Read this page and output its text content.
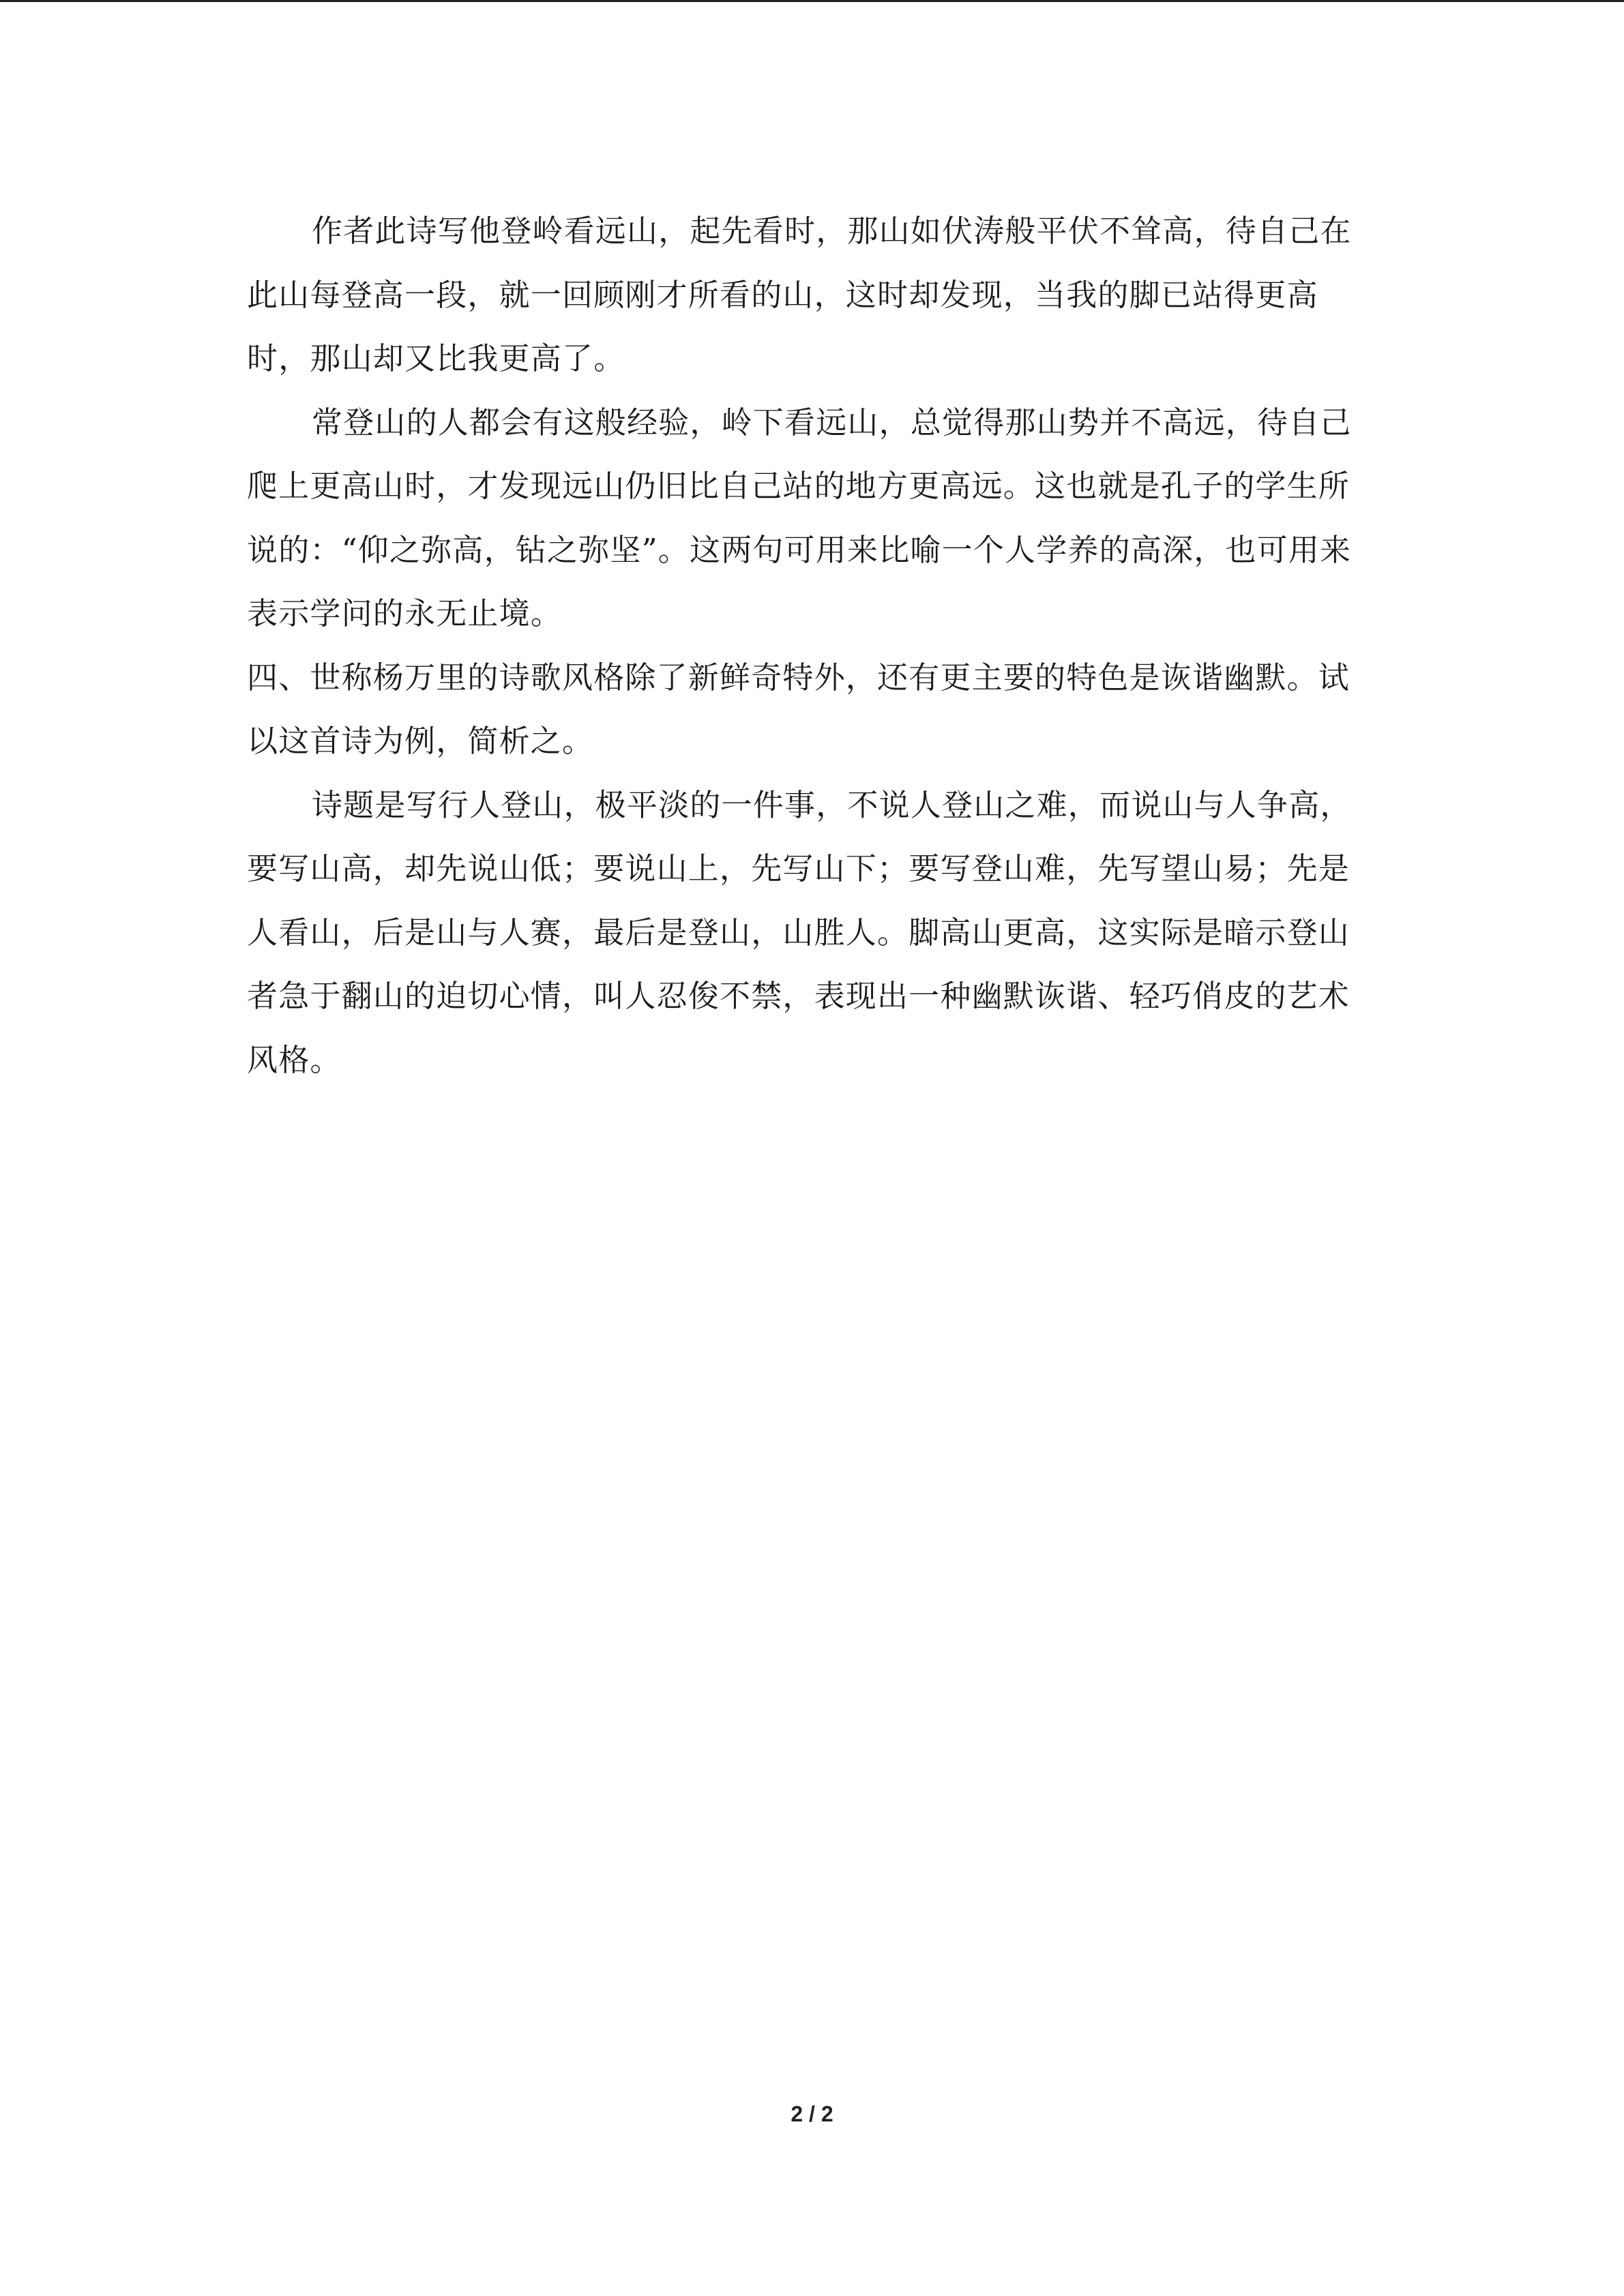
作者此诗写他登岭看远山，起先看时，那山如伏涛般平伏不耸高，待自己在此山每登高一段，就一回顾刚才所看的山，这时却发现，当我的脚已站得更高时，那山却又比我更高了。

常登山的人都会有这般经验，岭下看远山，总觉得那山势并不高远，待自己爬上更高山时，才发现远山仍旧比自己站的地方更高远。这也就是孔子的学生所说的：“仰之弥高，钻之弥坚”。这两句可用来比喻一个人学养的高深，也可用来表示学问的永无止境。

四、世称杨万里的诗歌风格除了新鲜奇特外，还有更主要的特色是诙谐幽默。试以这首诗为例，简析之。

诗题是写行人登山，极平淡的一件事，不说人登山之难，而说山与人争高，要写山高，却先说山低；要说山上，先写山下；要写登山难，先写望山易；先是人看山，后是山与人赛，最后是登山，山胜人。脚高山更高，这实际是暗示登山者急于翻山的迫切心情，叫人忍俊不禁，表现出一种幽默诙谐、轻巧俏皮的艺术风格。

2 / 2
